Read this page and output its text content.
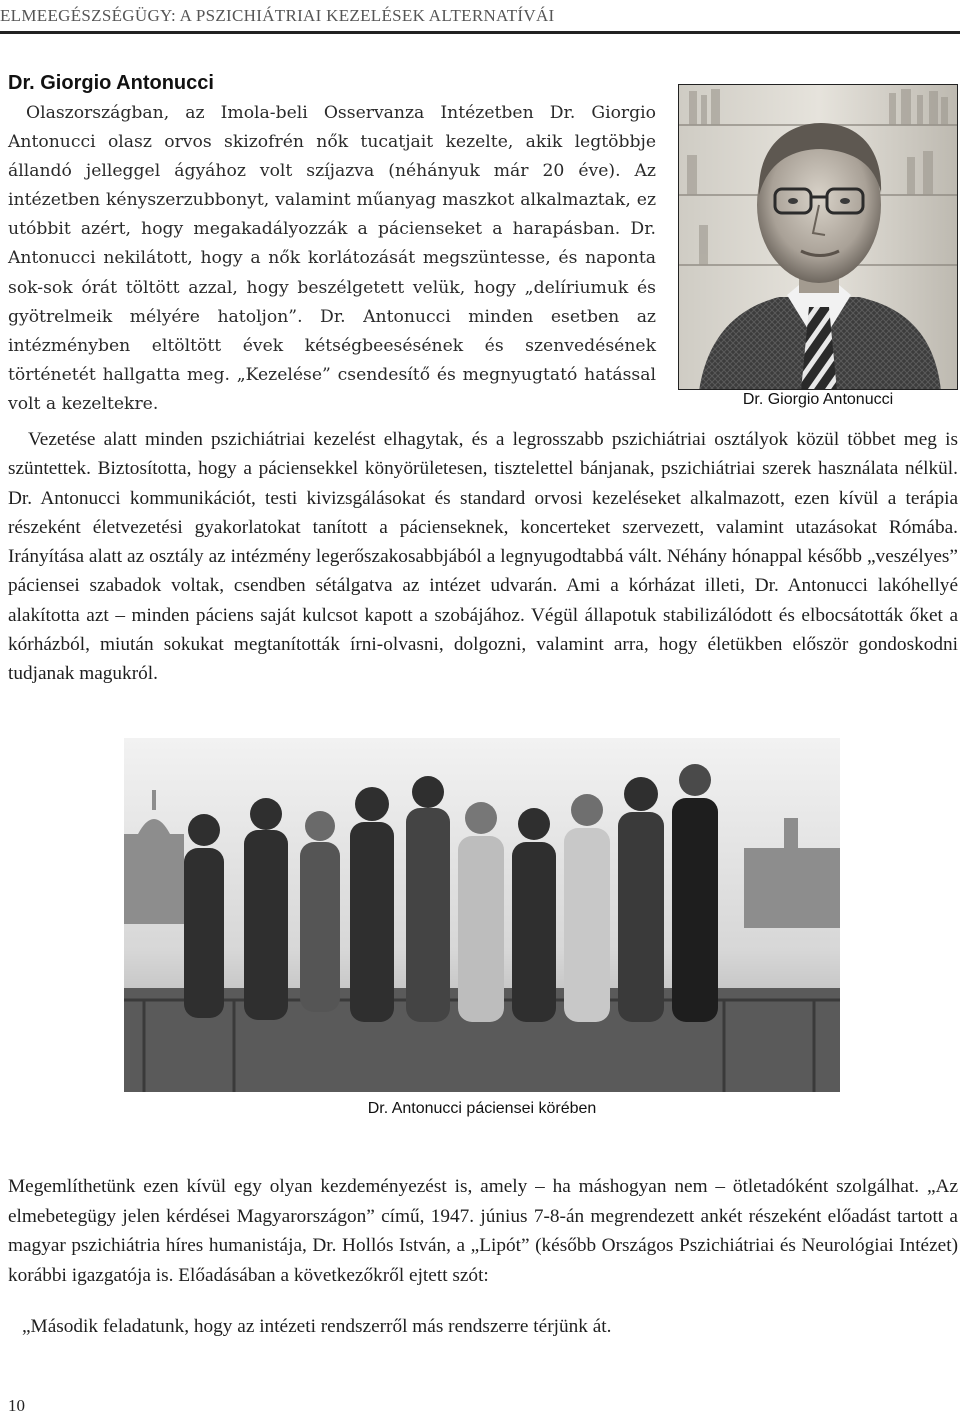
ELMEEGÉSZSÉGÜGY: A PSZICHIÁTRIAI KEZELÉSEK ALTERNATÍVÁI
Dr. Giorgio Antonucci
Olaszországban, az Imola-beli Osservanza Intézetben Dr. Giorgio Antonucci olasz orvos skizofrén nők tucatjait kezelte, akik legtöbbje állandó jelleggel ágyához volt szíjazva (néhányuk már 20 éve). Az intézetben kényszerzubbonyt, valamint műanyag maszkot alkalmaztak, ez utóbbit azért, hogy megakadályozzák a pácienseket a harapásban. Dr. Antonucci nekilátott, hogy a nők korlátozását megszüntesse, és naponta sok-sok órát töltött azzal, hogy beszélgetett velük, hogy „delíriumuk és gyötrelmeik mélyére hatoljon”. Dr. Antonucci minden esetben az intézményben eltöltött évek kétségbeesésének és szenvedésének történetét hallgatta meg. „Kezelése” csendesítő és megnyugtató hatással volt a kezeltekre.	Dr. Giorgio Antonucci
Vezetése alatt minden pszichiátriai kezelést elhagytak, és a legrosszabb pszichiátriai osztályok közül többet meg is szüntettek. Biztosította, hogy a páciensekkel könyörületesen, tisztelettel bánjanak, pszichiátriai szerek használata nélkül. Dr. Antonucci kommunikációt, testi kivizsgálásokat és standard orvosi kezeléseket alkalmazott, ezen kívül a terápia részeként életvezetési gyakorlatokat tanított a pácienseknek, koncerteket szervezett, valamint utazásokat Rómába. Irányítása alatt az osztály az intézmény legerőszakosabbjából a legnyugodtabbá vált. Néhány hónappal később „veszélyes” páciensei szabadok voltak, csendben sétálgatva az intézet udvarán. Ami a kórházat illeti, Dr. Antonucci lakóhellyé alakította azt – minden páciens saját kulcsot kapott a szobájához. Végül állapotuk stabilizálódott és elbocsátották őket a kórházból, miután sokukat megtanították írni-olvasni, dolgozni, valamint arra, hogy életükben először gondoskodni tudjanak magukról.
Dr. Antonucci páciensei körében
Megemlíthetünk ezen kívül egy olyan kezdeményezést is, amely – ha máshogyan nem – ötletadóként szolgálhat. „Az elmebetegügy jelen kérdései Magyarországon” című, 1947. június 7-8-án megrendezett ankét részeként előadást tartott a magyar pszichiátria híres humanistája, Dr. Hollós István, a „Lipót” (később Országos Pszichiátriai és Neurológiai Intézet) korábbi igazgatója is. Előadásában a következőkről ejtett szót:
„Második feladatunk, hogy az intézeti rendszerről más rendszerre térjünk át.
10
